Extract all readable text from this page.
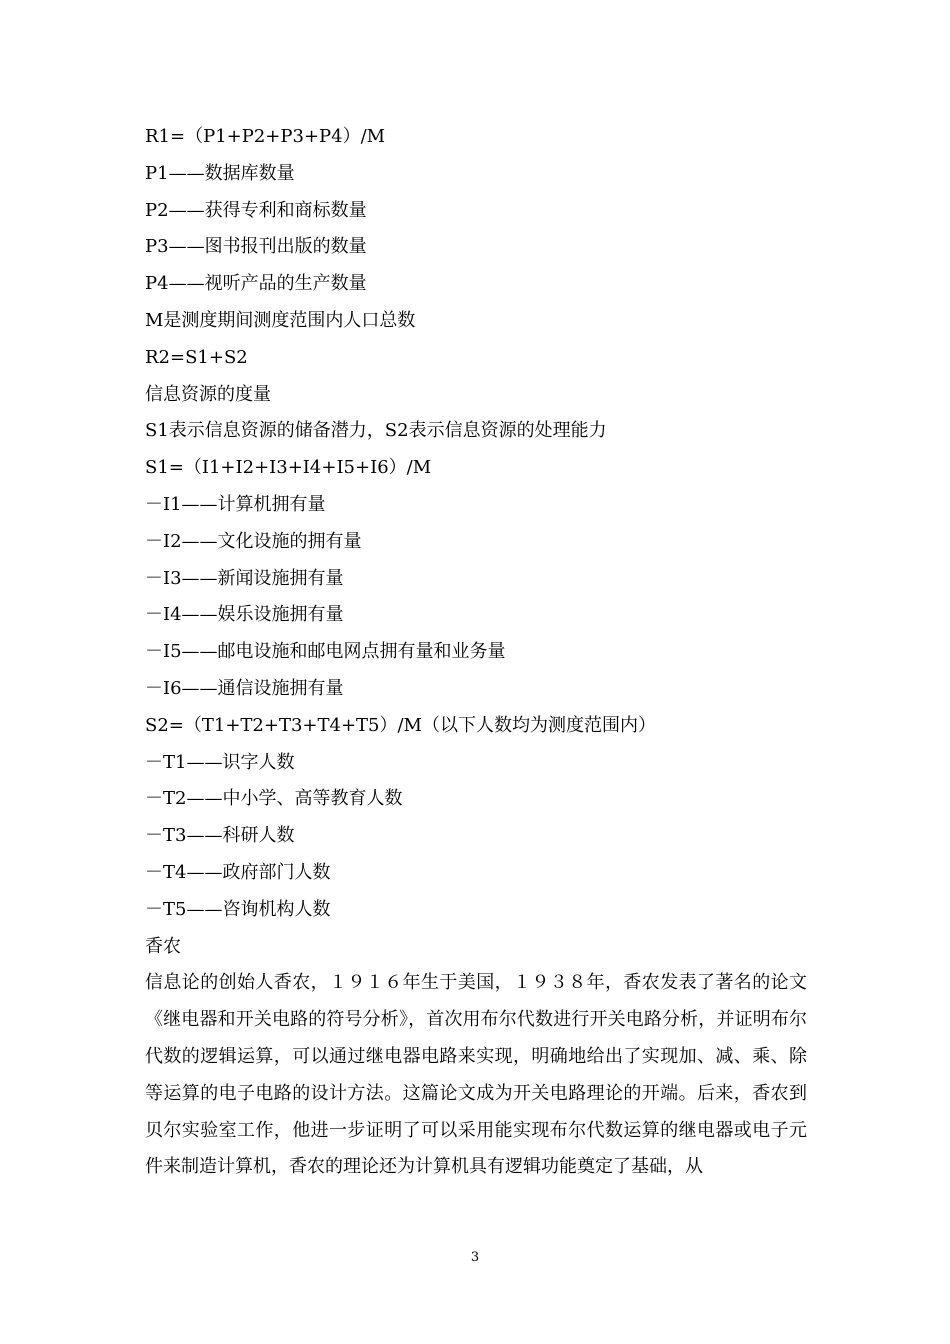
R1=（P1+P2+P3+P4）/M
P1——数据库数量
P2——获得专利和商标数量
P3——图书报刊出版的数量
P4——视听产品的生产数量
M是测度期间测度范围内人口总数
R2=S1+S2
信息资源的度量
S1表示信息资源的储备潜力，S2表示信息资源的处理能力
S1=（I1+I2+I3+I4+I5+I6）/M
－I1——计算机拥有量
－I2——文化设施的拥有量
－I3——新闻设施拥有量
－I4——娱乐设施拥有量
－I5——邮电设施和邮电网点拥有量和业务量
－I6——通信设施拥有量
S2=（T1+T2+T3+T4+T5）/M（以下人数均为测度范围内）
－T1——识字人数
－T2——中小学、高等教育人数
－T3——科研人数
－T4——政府部门人数
－T5——咨询机构人数
香农
信息论的创始人香农，１９１６年生于美国，１９３８年，香农发表了著名的论文《继电器和开关电路的符号分析》，首次用布尔代数进行开关电路分析，并证明布尔代数的逻辑运算，可以通过继电器电路来实现，明确地给出了实现加、减、乘、除等运算的电子电路的设计方法。这篇论文成为开关电路理论的开端。后来，香农到贝尔实验室工作，他进一步证明了可以采用能实现布尔代数运算的继电器或电子元件来制造计算机，香农的理论还为计算机具有逻辑功能奠定了基础，从
3
